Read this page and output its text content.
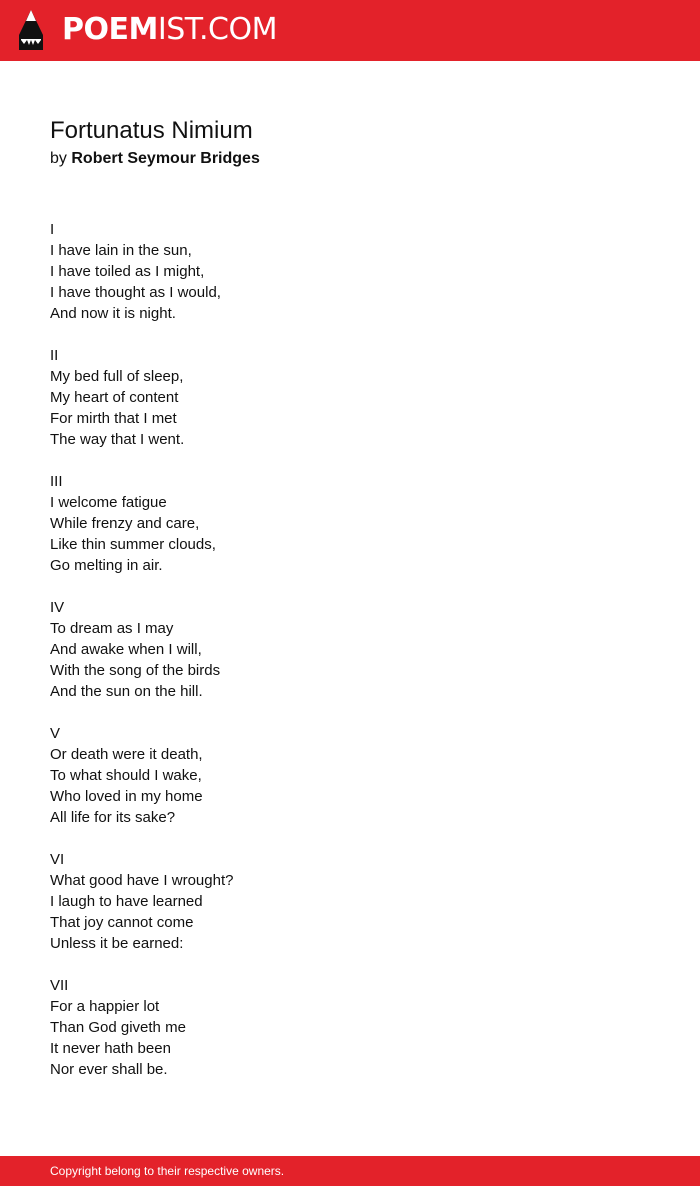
POEMIST.COM
Fortunatus Nimium
by Robert Seymour Bridges
I
I have lain in the sun,
I have toiled as I might,
I have thought as I would,
And now it is night.
II
My bed full of sleep,
My heart of content
For mirth that I met
The way that I went.
III
I welcome fatigue
While frenzy and care,
Like thin summer clouds,
Go melting in air.
IV
To dream as I may
And awake when I will,
With the song of the birds
And the sun on the hill.
V
Or death were it death,
To what should I wake,
Who loved in my home
All life for its sake?
VI
What good have I wrought?
I laugh to have learned
That joy cannot come
Unless it be earned:
VII
For a happier lot
Than God giveth me
It never hath been
Nor ever shall be.
Copyright belong to their respective owners.
